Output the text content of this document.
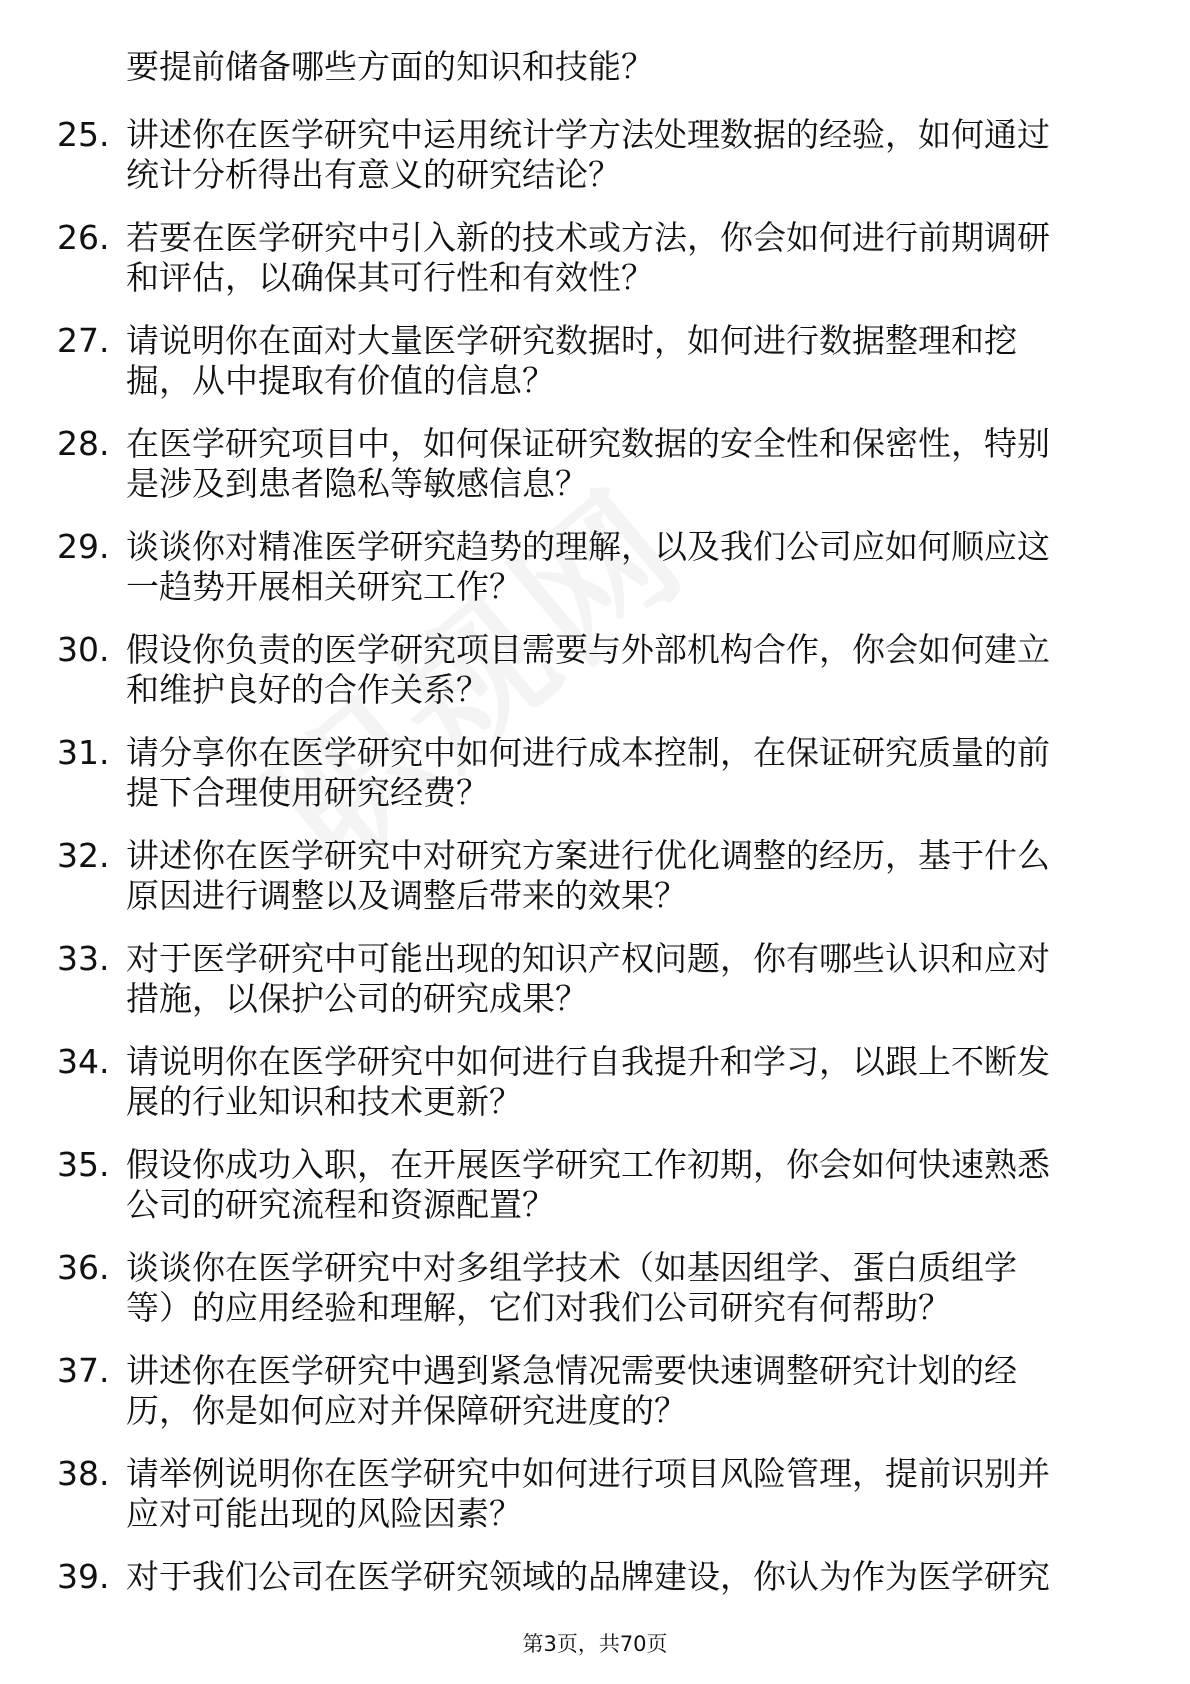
要提前储备哪些方面的知识和技能？
25. 讲述你在医学研究中运用统计学方法处理数据的经验，如何通过
统计分析得出有意义的研究结论？
26. 若要在医学研究中引入新的技术或方法，你会如何进行前期调研
和评估，以确保其可行性和有效性？
27. 请说明你在面对大量医学研究数据时，如何进行数据整理和挖
掘，从中提取有价值的信息？
28. 在医学研究项目中，如何保证研究数据的安全性和保密性，特别
是涉及到患者隐私等敏感信息？
29. 谈谈你对精准医学研究趋势的理解，以及我们公司应如何顺应这
一趋势开展相关研究工作？
30. 假设你负责的医学研究项目需要与外部机构合作，你会如何建立
和维护良好的合作关系？
31. 请分享你在医学研究中如何进行成本控制，在保证研究质量的前
提下合理使用研究经费？
32. 讲述你在医学研究中对研究方案进行优化调整的经历，基于什么
原因进行调整以及调整后带来的效果？
33. 对于医学研究中可能出现的知识产权问题，你有哪些认识和应对
措施，以保护公司的研究成果？
34. 请说明你在医学研究中如何进行自我提升和学习，以跟上不断发
展的行业知识和技术更新？
35. 假设你成功入职，在开展医学研究工作初期，你会如何快速熟悉
公司的研究流程和资源配置？
36. 谈谈你在医学研究中对多组学技术（如基因组学、蛋白质组学
等）的应用经验和理解，它们对我们公司研究有何帮助？
37. 讲述你在医学研究中遇到紧急情况需要快速调整研究计划的经
历，你是如何应对并保障研究进度的？
38. 请举例说明你在医学研究中如何进行项目风险管理，提前识别并
应对可能出现的风险因素？
39. 对于我们公司在医学研究领域的品牌建设，你认为作为医学研究
第3页，共70页
